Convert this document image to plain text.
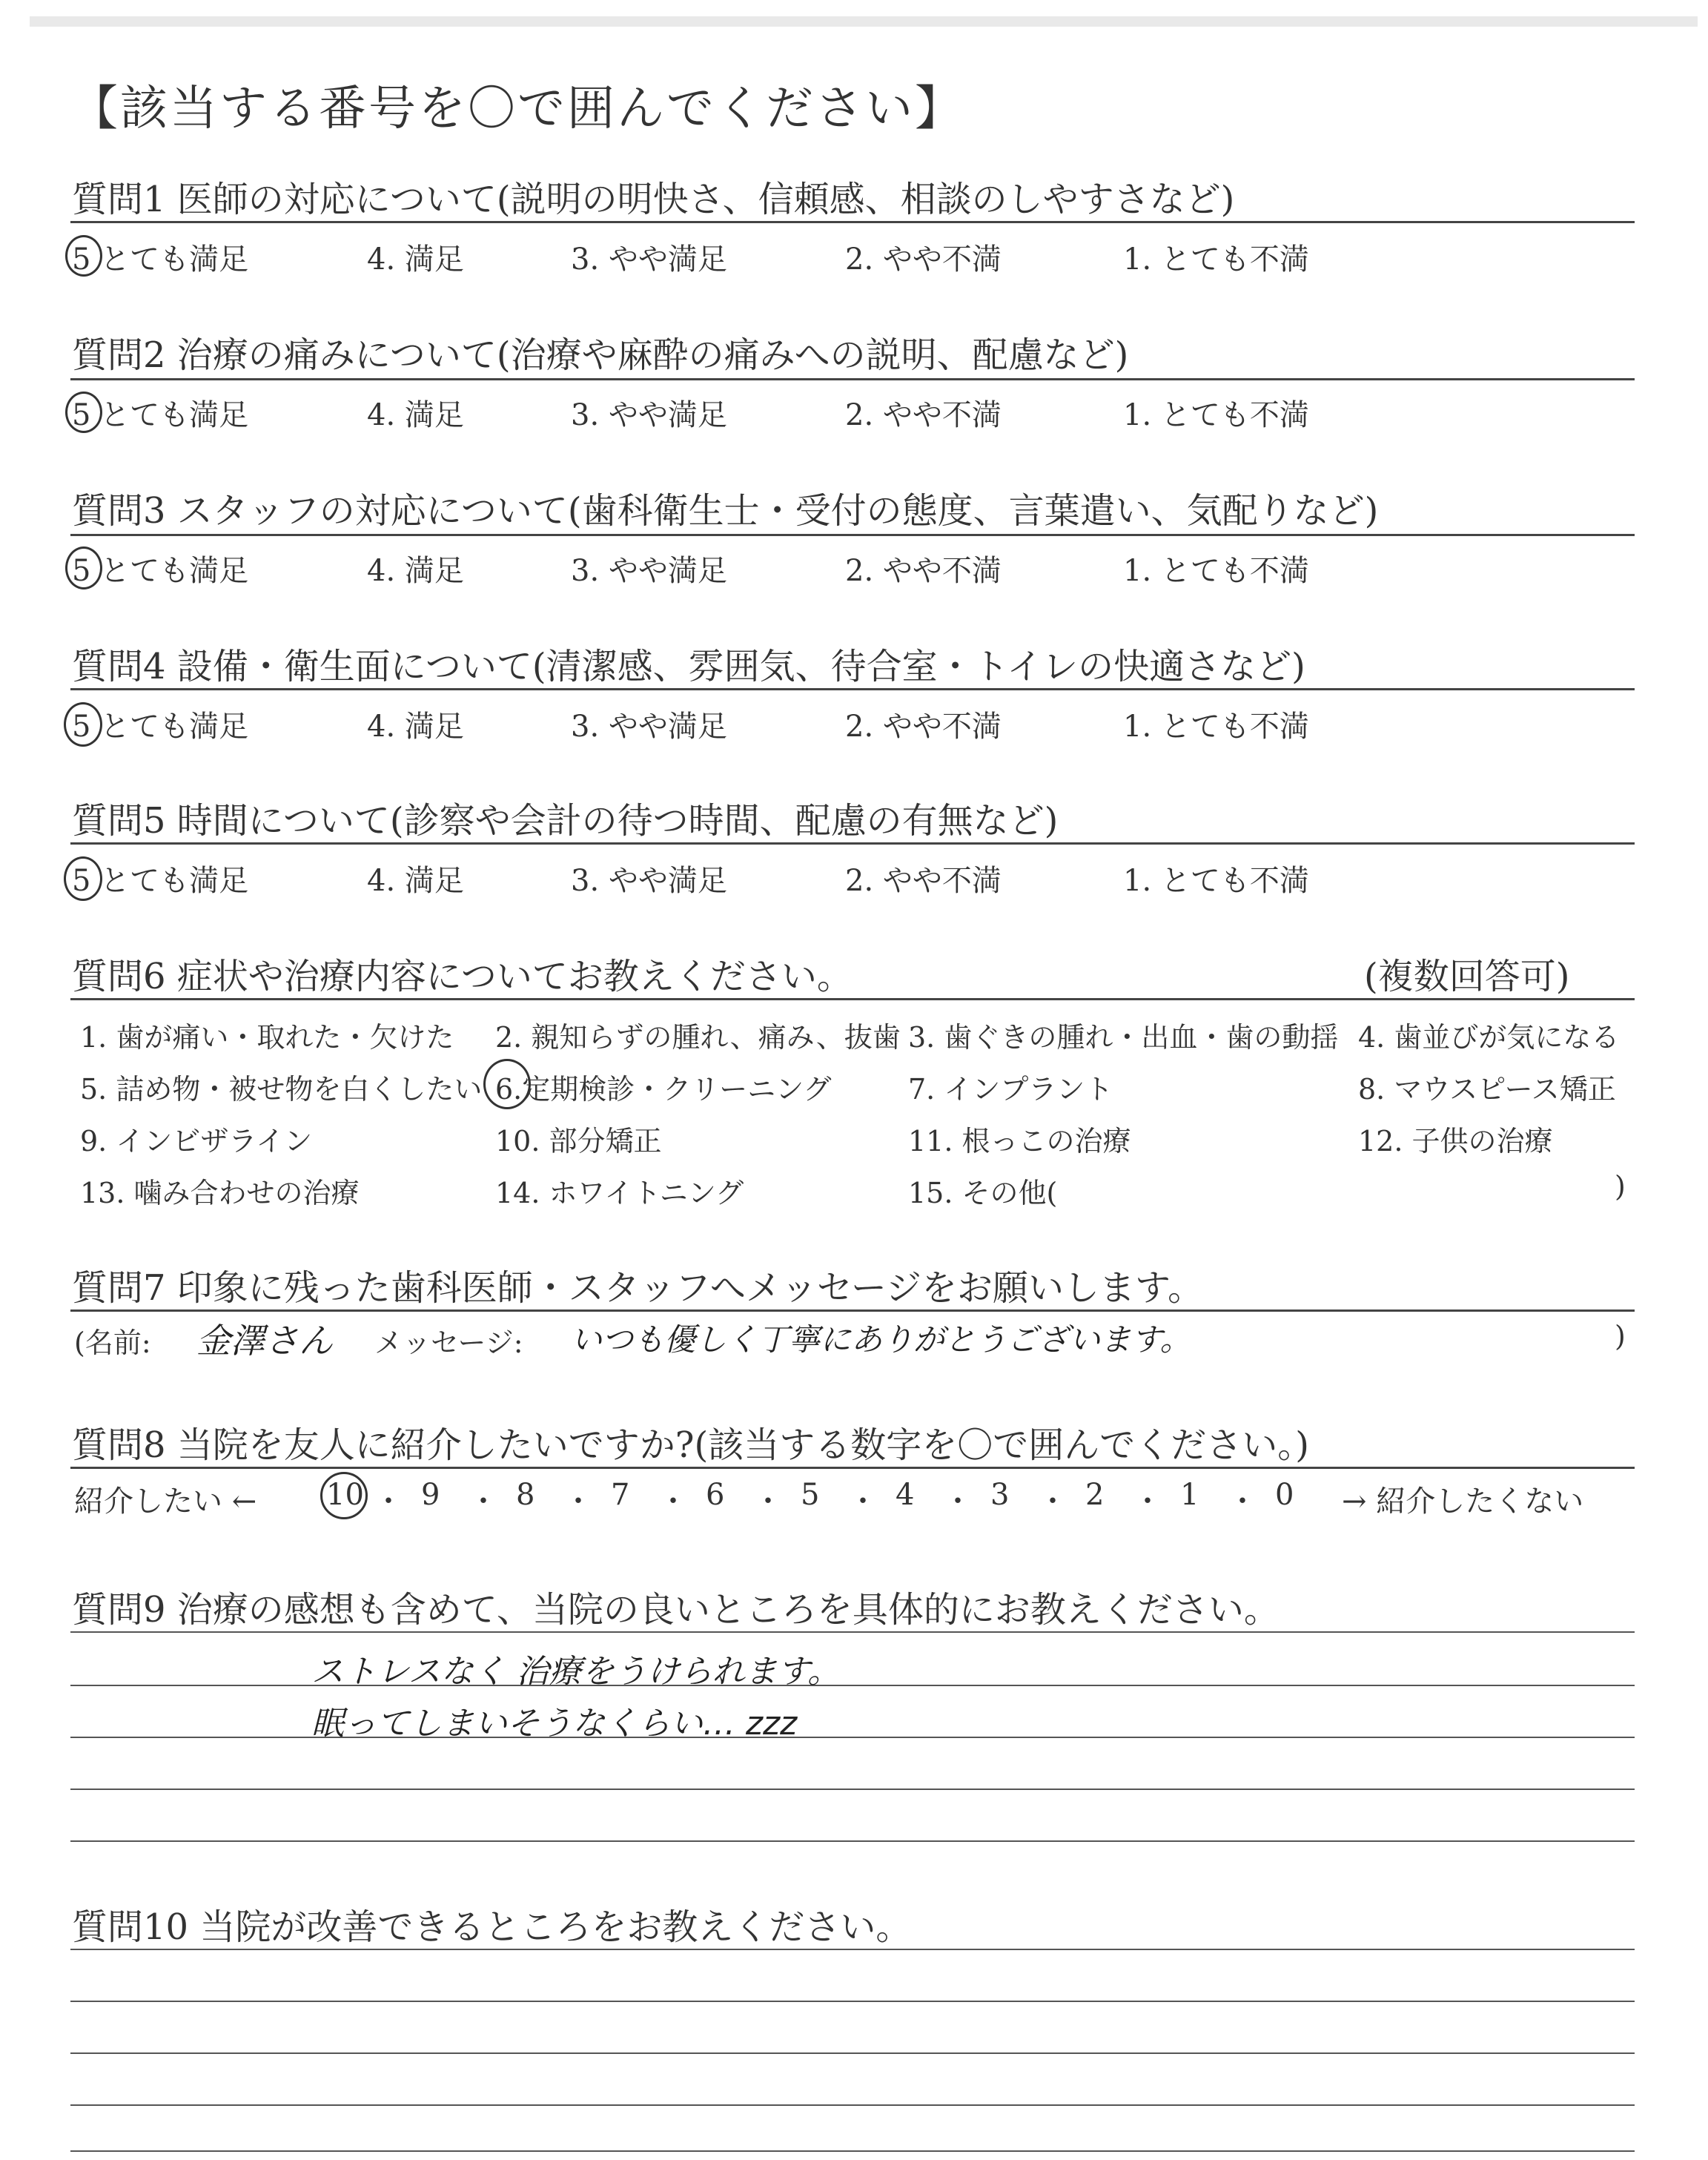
【該当する番号を〇で囲んでください】
質問1 医師の対応について(説明の明快さ、信頼感、相談のしやすさなど)
5 とても満足	4. 満足	3. やや満足	2. やや不満	1. とても不満
質問2 治療の痛みについて(治療や麻酔の痛みへの説明、配慮など)
5 とても満足	4. 満足	3. やや満足	2. やや不満	1. とても不満
質問3 スタッフの対応について(歯科衛生士・受付の態度、言葉遣い、気配りなど)
5 とても満足	4. 満足	3. やや満足	2. やや不満	1. とても不満
質問4 設備・衛生面について(清潔感、雰囲気、待合室・トイレの快適さなど)
5 とても満足	4. 満足	3. やや満足	2. やや不満	1. とても不満
質問5 時間について(診察や会計の待つ時間、配慮の有無など)
5 とても満足	4. 満足	3. やや満足	2. やや不満	1. とても不満
質問6 症状や治療内容についてお教えください。	(複数回答可)
1. 歯が痛い・取れた・欠けた 2. 親知らずの腫れ、痛み、抜歯 3. 歯ぐきの腫れ・出血・歯の動揺 4. 歯並びが気になる
5. 詰め物・被せ物を白くしたい 6.定期検診・クリーニング	7. インプラント	8. マウスピース矯正
9. インビザライン	10. 部分矯正	11. 根っこの治療	12. 子供の治療
13. 噛み合わせの治療	14. ホワイトニング	15. その他(	)
質問7 印象に残った歯科医師・スタッフへメッセージをお願いします。
(名前: 金澤さん メッセージ: いつも優しく丁寧にありがとうございます。	)
質問8 当院を友人に紹介したいですか?(該当する数字を〇で囲んでください。)
紹介したい ← 10 ・ 9 ・ 8 ・ 7 ・ 6 ・ 5 ・ 4 ・ 3 ・ 2 ・ 1 ・ 0 → 紹介したくない
質問9 治療の感想も含めて、当院の良いところを具体的にお教えください。
ストレスなく 治療をうけられます。
眠ってしまいそうなくらい… zzz
質問10 当院が改善できるところをお教えください。
